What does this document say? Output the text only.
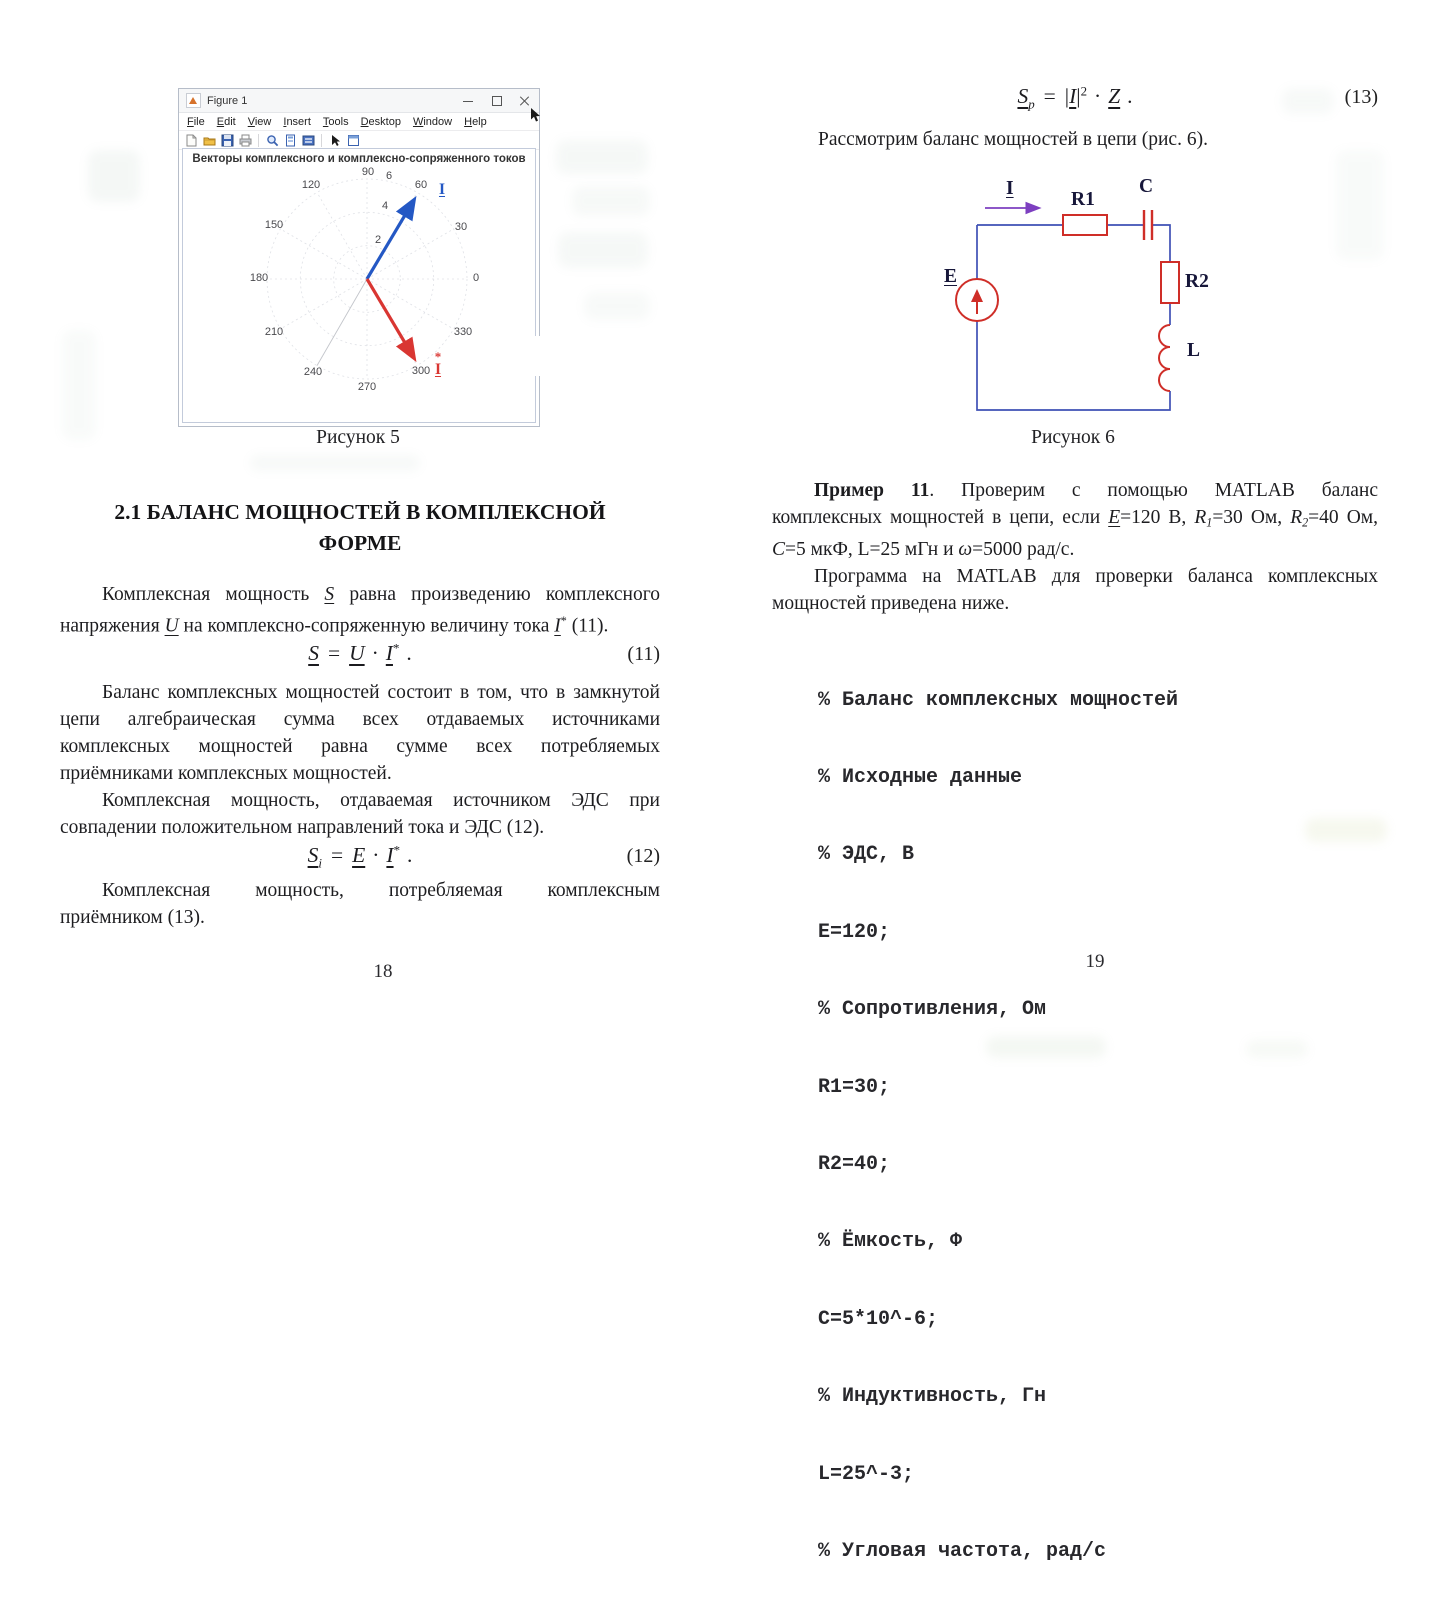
Figure 1
File Edit View Insert Tools Desktop Window Help
Векторы комплексного и комплексно-сопряженного токов
0
30
60
90
120
150
180
210
240
270
300
330
2
4
6
I
I
*
Рисунок 5
2.1 БАЛАНС МОЩНОСТЕЙ В КОМПЛЕКСНОЙ
ФОРМЕ
Комплексная мощность S равна произведению комплексного
напряжения U на комплексно-сопряженную величину тока I* (11).
S = U · I* .	(11)
Баланс комплексных мощностей состоит в том, что в замкнутой
цепи алгебраическая сумма всех отдаваемых источниками
комплексных мощностей равна сумме всех потребляемых
приёмниками комплексных мощностей.
Комплексная мощность, отдаваемая источником ЭДС при
совпадении положительном направлений тока и ЭДС (12).
$S_i = E \cdot I^*$ .	(12)
Комплексная мощность, потребляемая комплексным
приёмником (13).
18
$S_p = |I|^2 \cdot Z$ .	(13)
Рассмотрим баланс мощностей в цепи (рис. 6).
I
E
R1
C
R2
L
Рисунок 6
Пример 11. Проверим с помощью MATLAB баланс
комплексных мощностей в цепи, если E=120 В, R1=30 Ом, R2=40 Ом,
C=5 мкФ, L=25 мГн и ω=5000 рад/с.
Программа на MATLAB для проверки баланса комплексных
мощностей приведена ниже.

% Баланс комплексных мощностей

% Исходные данные

% ЭДС, В

E=120;

% Сопротивления, Ом

R1=30;

R2=40;

% Ёмкость, Ф

C=5*10^-6;

% Индуктивность, Гн

L=25^-3;

% Угловая частота, рад/с

19
